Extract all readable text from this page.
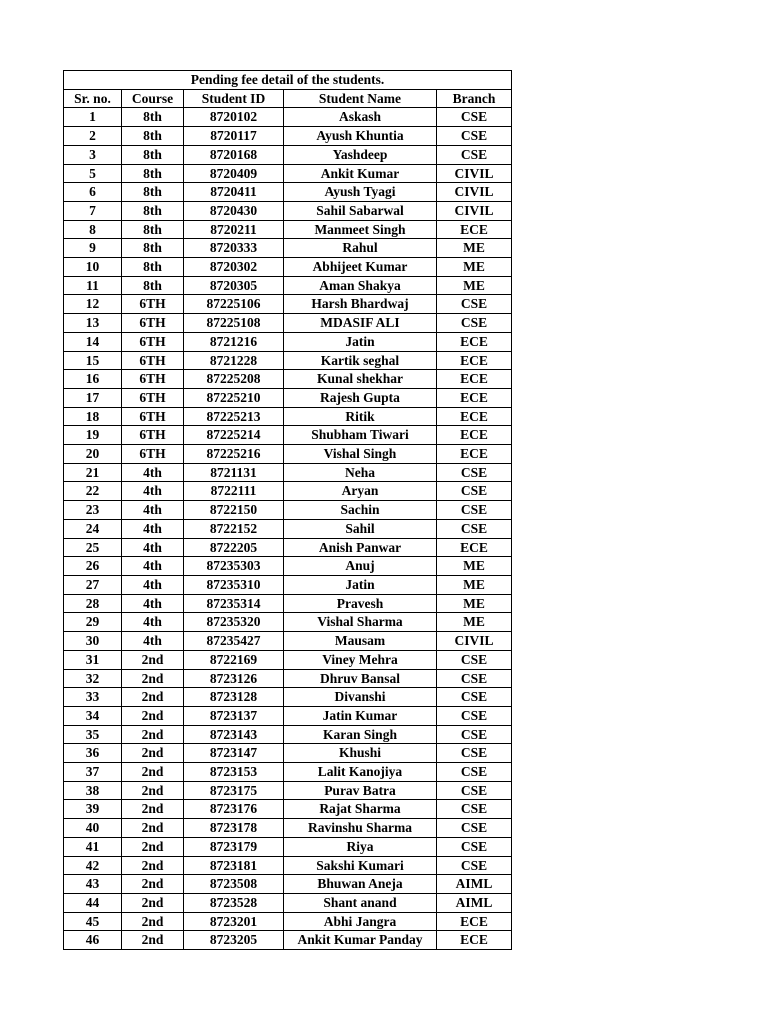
Pending fee detail of the students.				
Sr. no.	Course	Student ID	Student Name	Branch
1	8th	8720102	Askash	CSE
2	8th	8720117	Ayush Khuntia	CSE
3	8th	8720168	Yashdeep	CSE
5	8th	8720409	Ankit Kumar	CIVIL
6	8th	8720411	Ayush Tyagi	CIVIL
7	8th	8720430	Sahil Sabarwal	CIVIL
8	8th	8720211	Manmeet Singh	ECE
9	8th	8720333	Rahul	ME
10	8th	8720302	Abhijeet Kumar	ME
11	8th	8720305	Aman Shakya	ME
12	6TH	87225106	Harsh Bhardwaj	CSE
13	6TH	87225108	MDASIF ALI	CSE
14	6TH	8721216	Jatin	ECE
15	6TH	8721228	Kartik seghal	ECE
16	6TH	87225208	Kunal shekhar	ECE
17	6TH	87225210	Rajesh Gupta	ECE
18	6TH	87225213	Ritik	ECE
19	6TH	87225214	Shubham Tiwari	ECE
20	6TH	87225216	Vishal Singh	ECE
21	4th	8721131	Neha	CSE
22	4th	8722111	Aryan	CSE
23	4th	8722150	Sachin	CSE
24	4th	8722152	Sahil	CSE
25	4th	8722205	Anish Panwar	ECE
26	4th	87235303	Anuj	ME
27	4th	87235310	Jatin	ME
28	4th	87235314	Pravesh	ME
29	4th	87235320	Vishal Sharma	ME
30	4th	87235427	Mausam	CIVIL
31	2nd	8722169	Viney Mehra	CSE
32	2nd	8723126	Dhruv Bansal	CSE
33	2nd	8723128	Divanshi	CSE
34	2nd	8723137	Jatin Kumar	CSE
35	2nd	8723143	Karan Singh	CSE
36	2nd	8723147	Khushi	CSE
37	2nd	8723153	Lalit Kanojiya	CSE
38	2nd	8723175	Purav Batra	CSE
39	2nd	8723176	Rajat Sharma	CSE
40	2nd	8723178	Ravinshu Sharma	CSE
41	2nd	8723179	Riya	CSE
42	2nd	8723181	Sakshi Kumari	CSE
43	2nd	8723508	Bhuwan Aneja	AIML
44	2nd	8723528	Shant anand	AIML
45	2nd	8723201	Abhi Jangra	ECE
46	2nd	8723205	Ankit Kumar Panday	ECE
